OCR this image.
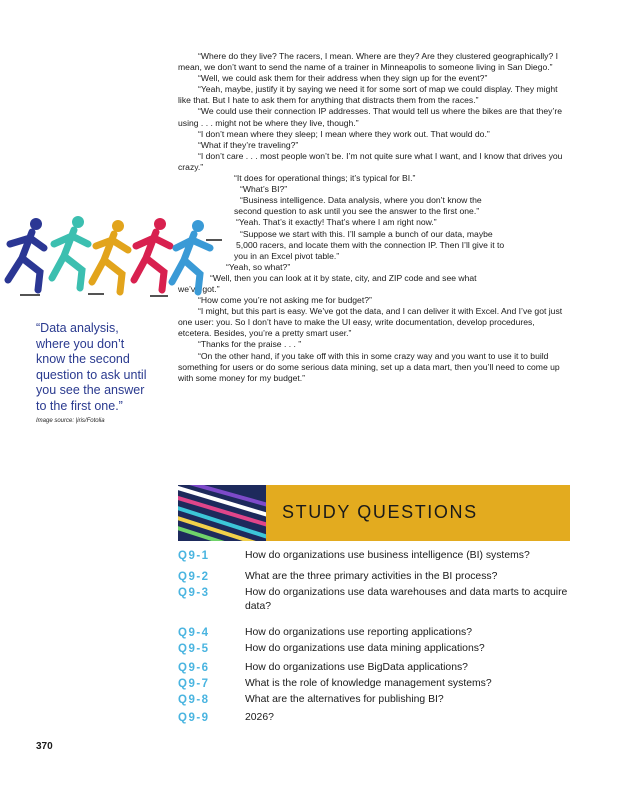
“Where do they live? The racers, I mean. Where are they? Are they clustered geographically? I mean, we don’t want to send the name of a trainer in Minneapolis to someone living in San Diego.”

“Well, we could ask them for their address when they sign up for the event?”

“Yeah, maybe, justify it by saying we need it for some sort of map we could display. They might like that. But I hate to ask them for anything that distracts them from the races.”

“We could use their connection IP addresses. That would tell us where the bikes are that they’re using . . . might not be where they live, though.”

“I don’t mean where they sleep; I mean where they work out. That would do.”

“What if they’re traveling?”

“I don’t care . . . most people won’t be. I’m not quite sure what I want, and I know that drives you crazy.”

“It does for operational things; it’s typical for BI.”

“What’s BI?”

“Business intelligence. Data analysis, where you don’t know the

second question to ask until you see the answer to the first one.”

“Yeah. That’s it exactly! That’s where I am right now.”

“Suppose we start with this. I’ll sample a bunch of our data, maybe

5,000 racers, and locate them with the connection IP. Then I’ll give it to

you in an Excel pivot table.”

“Yeah, so what?”

“Well, then you can look at it by state, city, and ZIP code and see what

we’ve got.”

“How come you’re not asking me for budget?”

“I might, but this part is easy. We’ve got the data, and I can deliver it with Excel. And I’ve got just one user: you. So I don’t have to make the UI easy, write documentation, develop procedures, etcetera. Besides, you’re a pretty smart user.”

“Thanks for the praise . . . ”

“On the other hand, if you take off with this in some crazy way and you want to use it to build something for users or do some serious data mining, set up a data mart, then you’ll need to come up with some money for my budget.”

“Data analysis, where you don’t know the second question to ask until you see the answer to the first one.”
Image source: |iris/Fotolia
STUDY QUESTIONS
Q9-1	How do organizations use business intelligence (BI) systems?
Q9-2	What are the three primary activities in the BI process?
Q9-3	How do organizations use data warehouses and data marts to acquire data?
Q9-4	How do organizations use reporting applications?
Q9-5	How do organizations use data mining applications?
Q9-6	How do organizations use BigData applications?
Q9-7	What is the role of knowledge management systems?
Q9-8	What are the alternatives for publishing BI?
Q9-9	2026?
370
